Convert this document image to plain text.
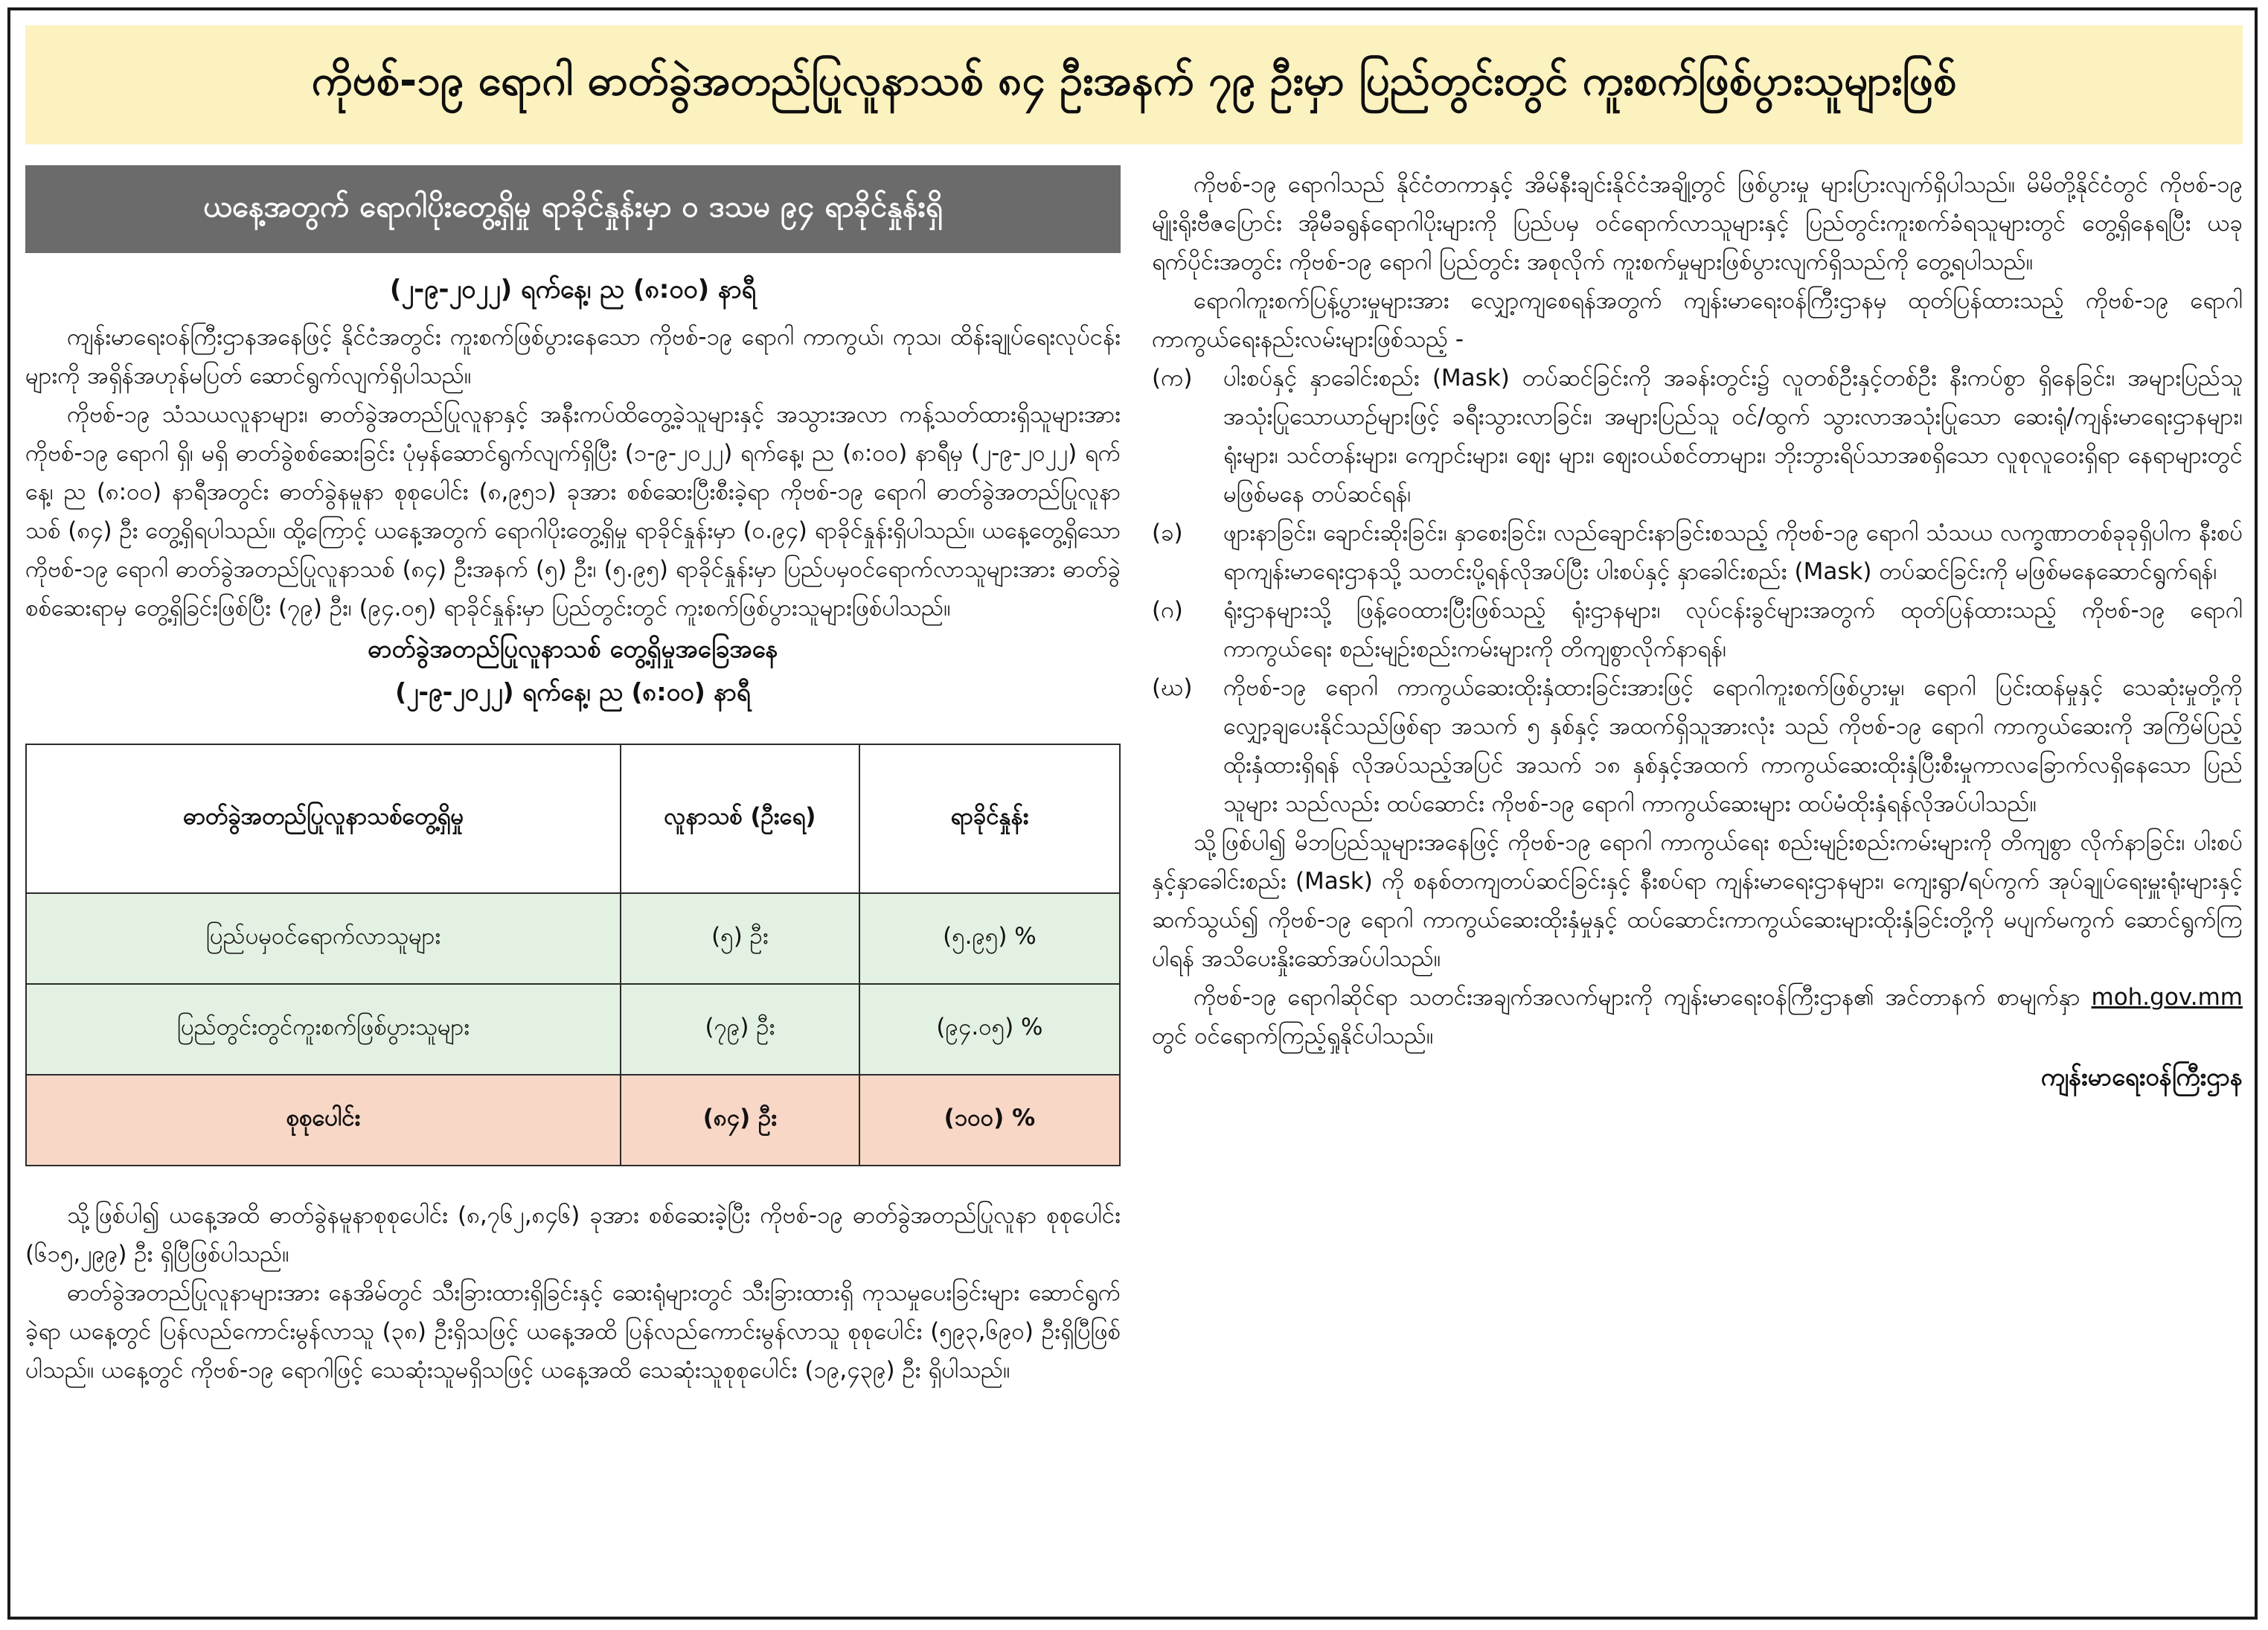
ကိုဗစ်-၁၉ ရောဂါ ဓာတ်ခွဲအတည်ပြုလူနာသစ် ၈၄ ဦးအနက် ၇၉ ဦးမှာ ပြည်တွင်းတွင် ကူးစက်ဖြစ်ပွားသူများဖြစ်
ယနေ့အတွက် ရောဂါပိုးတွေ့ရှိမှု ရာခိုင်နှုန်းမှာ ၀ ဒသမ ၉၄ ရာခိုင်နှုန်းရှိ
(၂-၉-၂၀၂၂) ရက်နေ့၊ ည (၈:၀၀) နာရီ

ကျန်းမာရေးဝန်ကြီးဌာနအနေဖြင့် နိုင်ငံအတွင်း ကူးစက်ဖြစ်ပွားနေသော ကိုဗစ်-၁၉ ရောဂါ ကာကွယ်၊ ကုသ၊ ထိန်းချုပ်ရေးလုပ်ငန်းများကို အရှိန်အဟုန်မပြတ် ဆောင်ရွက်လျက်ရှိပါသည်။

ကိုဗစ်-၁၉ သံသယလူနာများ၊ ဓာတ်ခွဲအတည်ပြုလူနာနှင့် အနီးကပ်ထိတွေ့ခဲ့သူများနှင့် အသွားအလာ ကန့်သတ်ထားရှိသူများအား ကိုဗစ်-၁၉ ရောဂါ ရှိ၊ မရှိ ဓာတ်ခွဲစစ်ဆေးခြင်း ပုံမှန်ဆောင်ရွက်လျက်ရှိပြီး (၁-၉-၂၀၂၂) ရက်နေ့၊ ည (၈:၀၀) နာရီမှ (၂-၉-၂၀၂၂) ရက်နေ့၊ ည (၈:၀၀) နာရီအတွင်း ဓာတ်ခွဲနမူနာ စုစုပေါင်း (၈,၉၅၁) ခုအား စစ်ဆေးပြီးစီးခဲ့ရာ ကိုဗစ်-၁၉ ရောဂါ ဓာတ်ခွဲအတည်ပြုလူနာသစ် (၈၄) ဦး တွေ့ရှိရပါသည်။ ထို့ကြောင့် ယနေ့အတွက် ရောဂါပိုးတွေ့ရှိမှု ရာခိုင်နှုန်းမှာ (၀.၉၄) ရာခိုင်နှုန်းရှိပါသည်။ ယနေ့တွေ့ရှိသော ကိုဗစ်-၁၉ ရောဂါ ဓာတ်ခွဲအတည်ပြုလူနာသစ် (၈၄) ဦးအနက် (၅) ဦး၊ (၅.၉၅) ရာခိုင်နှုန်းမှာ ပြည်ပမှဝင်ရောက်လာသူများအား ဓာတ်ခွဲစစ်ဆေးရာမှ တွေ့ရှိခြင်းဖြစ်ပြီး (၇၉) ဦး၊ (၉၄.၀၅) ရာခိုင်နှုန်းမှာ ပြည်တွင်းတွင် ကူးစက်ဖြစ်ပွားသူများဖြစ်ပါသည်။

ဓာတ်ခွဲအတည်ပြုလူနာသစ် တွေ့ရှိမှုအခြေအနေ
(၂-၉-၂၀၂၂) ရက်နေ့၊ ည (၈:၀၀) နာရီ
ဓာတ်ခွဲအတည်ပြုလူနာသစ်တွေ့ရှိမှု	လူနာသစ် (ဦးရေ)	ရာခိုင်နှုန်း
ပြည်ပမှဝင်ရောက်လာသူများ	(၅) ဦး	(၅.၉၅) %
ပြည်တွင်းတွင်ကူးစက်ဖြစ်ပွားသူများ	(၇၉) ဦး	(၉၄.၀၅) %
စုစုပေါင်း	(၈၄) ဦး	(၁၀၀) %

သို့ဖြစ်ပါ၍ ယနေ့အထိ ဓာတ်ခွဲနမူနာစုစုပေါင်း (၈,၇၆၂,၈၄၆) ခုအား စစ်ဆေးခဲ့ပြီး ကိုဗစ်-၁၉ ဓာတ်ခွဲအတည်ပြုလူနာ စုစုပေါင်း (၆၁၅,၂၉၉) ဦး ရှိပြီဖြစ်ပါသည်။

ဓာတ်ခွဲအတည်ပြုလူနာများအား နေအိမ်တွင် သီးခြားထားရှိခြင်းနှင့် ဆေးရုံများတွင် သီးခြားထားရှိ ကုသမှုပေးခြင်းများ ဆောင်ရွက်ခဲ့ရာ ယနေ့တွင် ပြန်လည်ကောင်းမွန်လာသူ (၃၈) ဦးရှိသဖြင့် ယနေ့အထိ ပြန်လည်ကောင်းမွန်လာသူ စုစုပေါင်း (၅၉၃,၆၉၀) ဦးရှိပြီဖြစ်ပါသည်။ ယနေ့တွင် ကိုဗစ်-၁၉ ရောဂါဖြင့် သေဆုံးသူမရှိသဖြင့် ယနေ့အထိ သေဆုံးသူစုစုပေါင်း (၁၉,၄၃၉) ဦး ရှိပါသည်။

ကိုဗစ်-၁၉ ရောဂါသည် နိုင်ငံတကာနှင့် အိမ်နီးချင်းနိုင်ငံအချို့တွင် ဖြစ်ပွားမှု များပြားလျက်ရှိပါသည်။ မိမိတို့နိုင်ငံတွင် ကိုဗစ်-၁၉ မျိုးရိုးဗီဇပြောင်း အိုမီခရွန်ရောဂါပိုးများကို ပြည်ပမှ ဝင်ရောက်လာသူများနှင့် ပြည်တွင်းကူးစက်ခံရသူများတွင် တွေ့ရှိနေရပြီး ယခုရက်ပိုင်းအတွင်း ကိုဗစ်-၁၉ ရောဂါ ပြည်တွင်း အစုလိုက် ကူးစက်မှုများဖြစ်ပွားလျက်ရှိသည်ကို တွေ့ရပါသည်။

ရောဂါကူးစက်ပြန့်ပွားမှုများအား လျှော့ကျစေရန်အတွက် ကျန်းမာရေးဝန်ကြီးဌာနမှ ထုတ်ပြန်ထားသည့် ကိုဗစ်-၁၉ ရောဂါ ကာကွယ်ရေးနည်းလမ်းများဖြစ်သည့် -

(က)	ပါးစပ်နှင့် နှာခေါင်းစည်း (Mask) တပ်ဆင်ခြင်းကို အခန်းတွင်း၌ လူတစ်ဦးနှင့်တစ်ဦး နီးကပ်စွာ ရှိနေခြင်း၊ အများပြည်သူအသုံးပြုသောယာဉ်များဖြင့် ခရီးသွားလာခြင်း၊ အများပြည်သူ ဝင်/ထွက် သွားလာအသုံးပြုသော ဆေးရုံ/ကျန်းမာရေးဌာနများ၊ ရုံးများ၊ သင်တန်းများ၊ ကျောင်းများ၊ ဈေး များ၊ ဈေးဝယ်စင်တာများ၊ ဘိုးဘွားရိပ်သာအစရှိသော လူစုလူဝေးရှိရာ နေရာများတွင် မဖြစ်မနေ တပ်ဆင်ရန်၊
(ခ)	ဖျားနာခြင်း၊ ချောင်းဆိုးခြင်း၊ နှာစေးခြင်း၊ လည်ချောင်းနာခြင်းစသည့် ကိုဗစ်-၁၉ ရောဂါ သံသယ လက္ခဏာတစ်ခုခုရှိပါက နီးစပ်ရာကျန်းမာရေးဌာနသို့ သတင်းပို့ရန်လိုအပ်ပြီး ပါးစပ်နှင့် နှာခေါင်းစည်း (Mask) တပ်ဆင်ခြင်းကို မဖြစ်မနေဆောင်ရွက်ရန်၊
(ဂ)	ရုံးဌာနများသို့ ဖြန့်ဝေထားပြီးဖြစ်သည့် ရုံးဌာနများ၊ လုပ်ငန်းခွင်များအတွက် ထုတ်ပြန်ထားသည့် ကိုဗစ်-၁၉ ရောဂါကာကွယ်ရေး စည်းမျဉ်းစည်းကမ်းများကို တိကျစွာလိုက်နာရန်၊
(ဃ)	ကိုဗစ်-၁၉ ရောဂါ ကာကွယ်ဆေးထိုးနှံထားခြင်းအားဖြင့် ရောဂါကူးစက်ဖြစ်ပွားမှု၊ ရောဂါ ပြင်းထန်မှုနှင့် သေဆုံးမှုတို့ကို လျှော့ချပေးနိုင်သည်ဖြစ်ရာ အသက် ၅ နှစ်နှင့် အထက်ရှိသူအားလုံး သည် ကိုဗစ်-၁၉ ရောဂါ ကာကွယ်ဆေးကို အကြိမ်ပြည့်ထိုးနှံထားရှိရန် လိုအပ်သည့်အပြင် အသက် ၁၈ နှစ်နှင့်အထက် ကာကွယ်ဆေးထိုးနှံပြီးစီးမှုကာလခြောက်လရှိနေသော ပြည်သူများ သည်လည်း ထပ်ဆောင်း ကိုဗစ်-၁၉ ရောဂါ ကာကွယ်ဆေးများ ထပ်မံထိုးနှံရန်လိုအပ်ပါသည်။

သို့ဖြစ်ပါ၍ မိဘပြည်သူများအနေဖြင့် ကိုဗစ်-၁၉ ရောဂါ ကာကွယ်ရေး စည်းမျဉ်းစည်းကမ်းများကို တိကျစွာ လိုက်နာခြင်း၊ ပါးစပ်နှင့်နှာခေါင်းစည်း (Mask) ကို စနစ်တကျတပ်ဆင်ခြင်းနှင့် နီးစပ်ရာ ကျန်းမာရေးဌာနများ၊ ကျေးရွာ/ရပ်ကွက် အုပ်ချုပ်ရေးမှူးရုံးများနှင့်ဆက်သွယ်၍ ကိုဗစ်-၁၉ ရောဂါ ကာကွယ်ဆေးထိုးနှံမှုနှင့် ထပ်ဆောင်းကာကွယ်ဆေးများထိုးနှံခြင်းတို့ကို မပျက်မကွက် ဆောင်ရွက်ကြ ပါရန် အသိပေးနှိုးဆော်အပ်ပါသည်။

ကိုဗစ်-၁၉ ရောဂါဆိုင်ရာ သတင်းအချက်အလက်များကို ကျန်းမာရေးဝန်ကြီးဌာန၏ အင်တာနက် စာမျက်နှာ moh.gov.mm တွင် ဝင်ရောက်ကြည့်ရှုနိုင်ပါသည်။

ကျန်းမာရေးဝန်ကြီးဌာန
